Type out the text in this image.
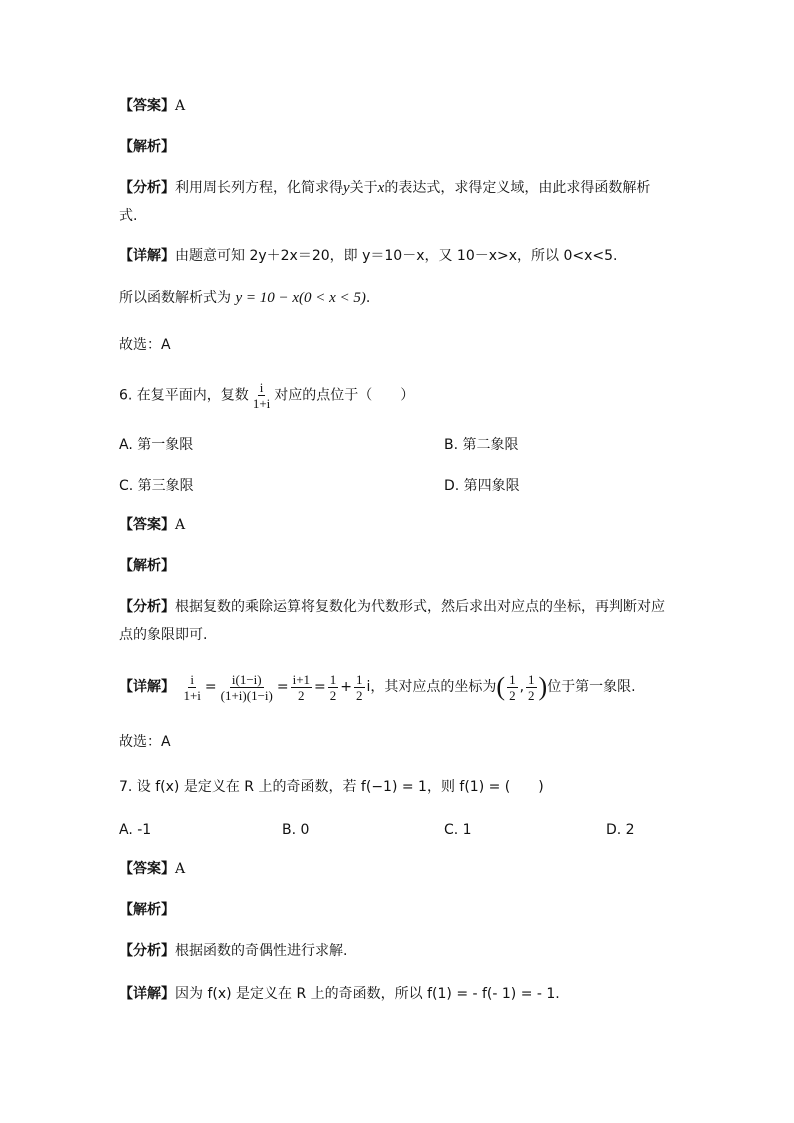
【答案】A
【解析】
【分析】利用周长列方程，化简求得y关于x的表达式，求得定义域，由此求得函数解析
式.
【详解】由题意可知 2y＋2x＝20，即 y＝10－x，又 10－x>x，所以 0<x<5.
所以函数解析式为 y = 10 − x(0 < x < 5).
故选：A
6. 在复平面内，复数 $\frac{i}{1+i}$ 对应的点位于（　　）
A. 第一象限	B. 第二象限
C. 第三象限	D. 第四象限
【答案】A
【解析】
【分析】根据复数的乘除运算将复数化为代数形式，然后求出对应点的坐标，再判断对应
点的象限即可.
【详解】 $\frac{i}{1+i} = \frac{i(1-i)}{(1+i)(1-i)} = \frac{i+1}{2} = \frac{1}{2} + \frac{1}{2}$ i，其对应点的坐标为( $\frac{1}{2}$ , $\frac{1}{2}$ )位于第一象限.
故选：A
7. 设 f(x) 是定义在 R 上的奇函数，若 f(−1) = 1，则 f(1) = (　　)
A. -1	B. 0	C. 1	D. 2
【答案】A
【解析】
【分析】根据函数的奇偶性进行求解.
【详解】因为 f(x) 是定义在 R 上的奇函数，所以 f(1) = - f(- 1) = - 1.
